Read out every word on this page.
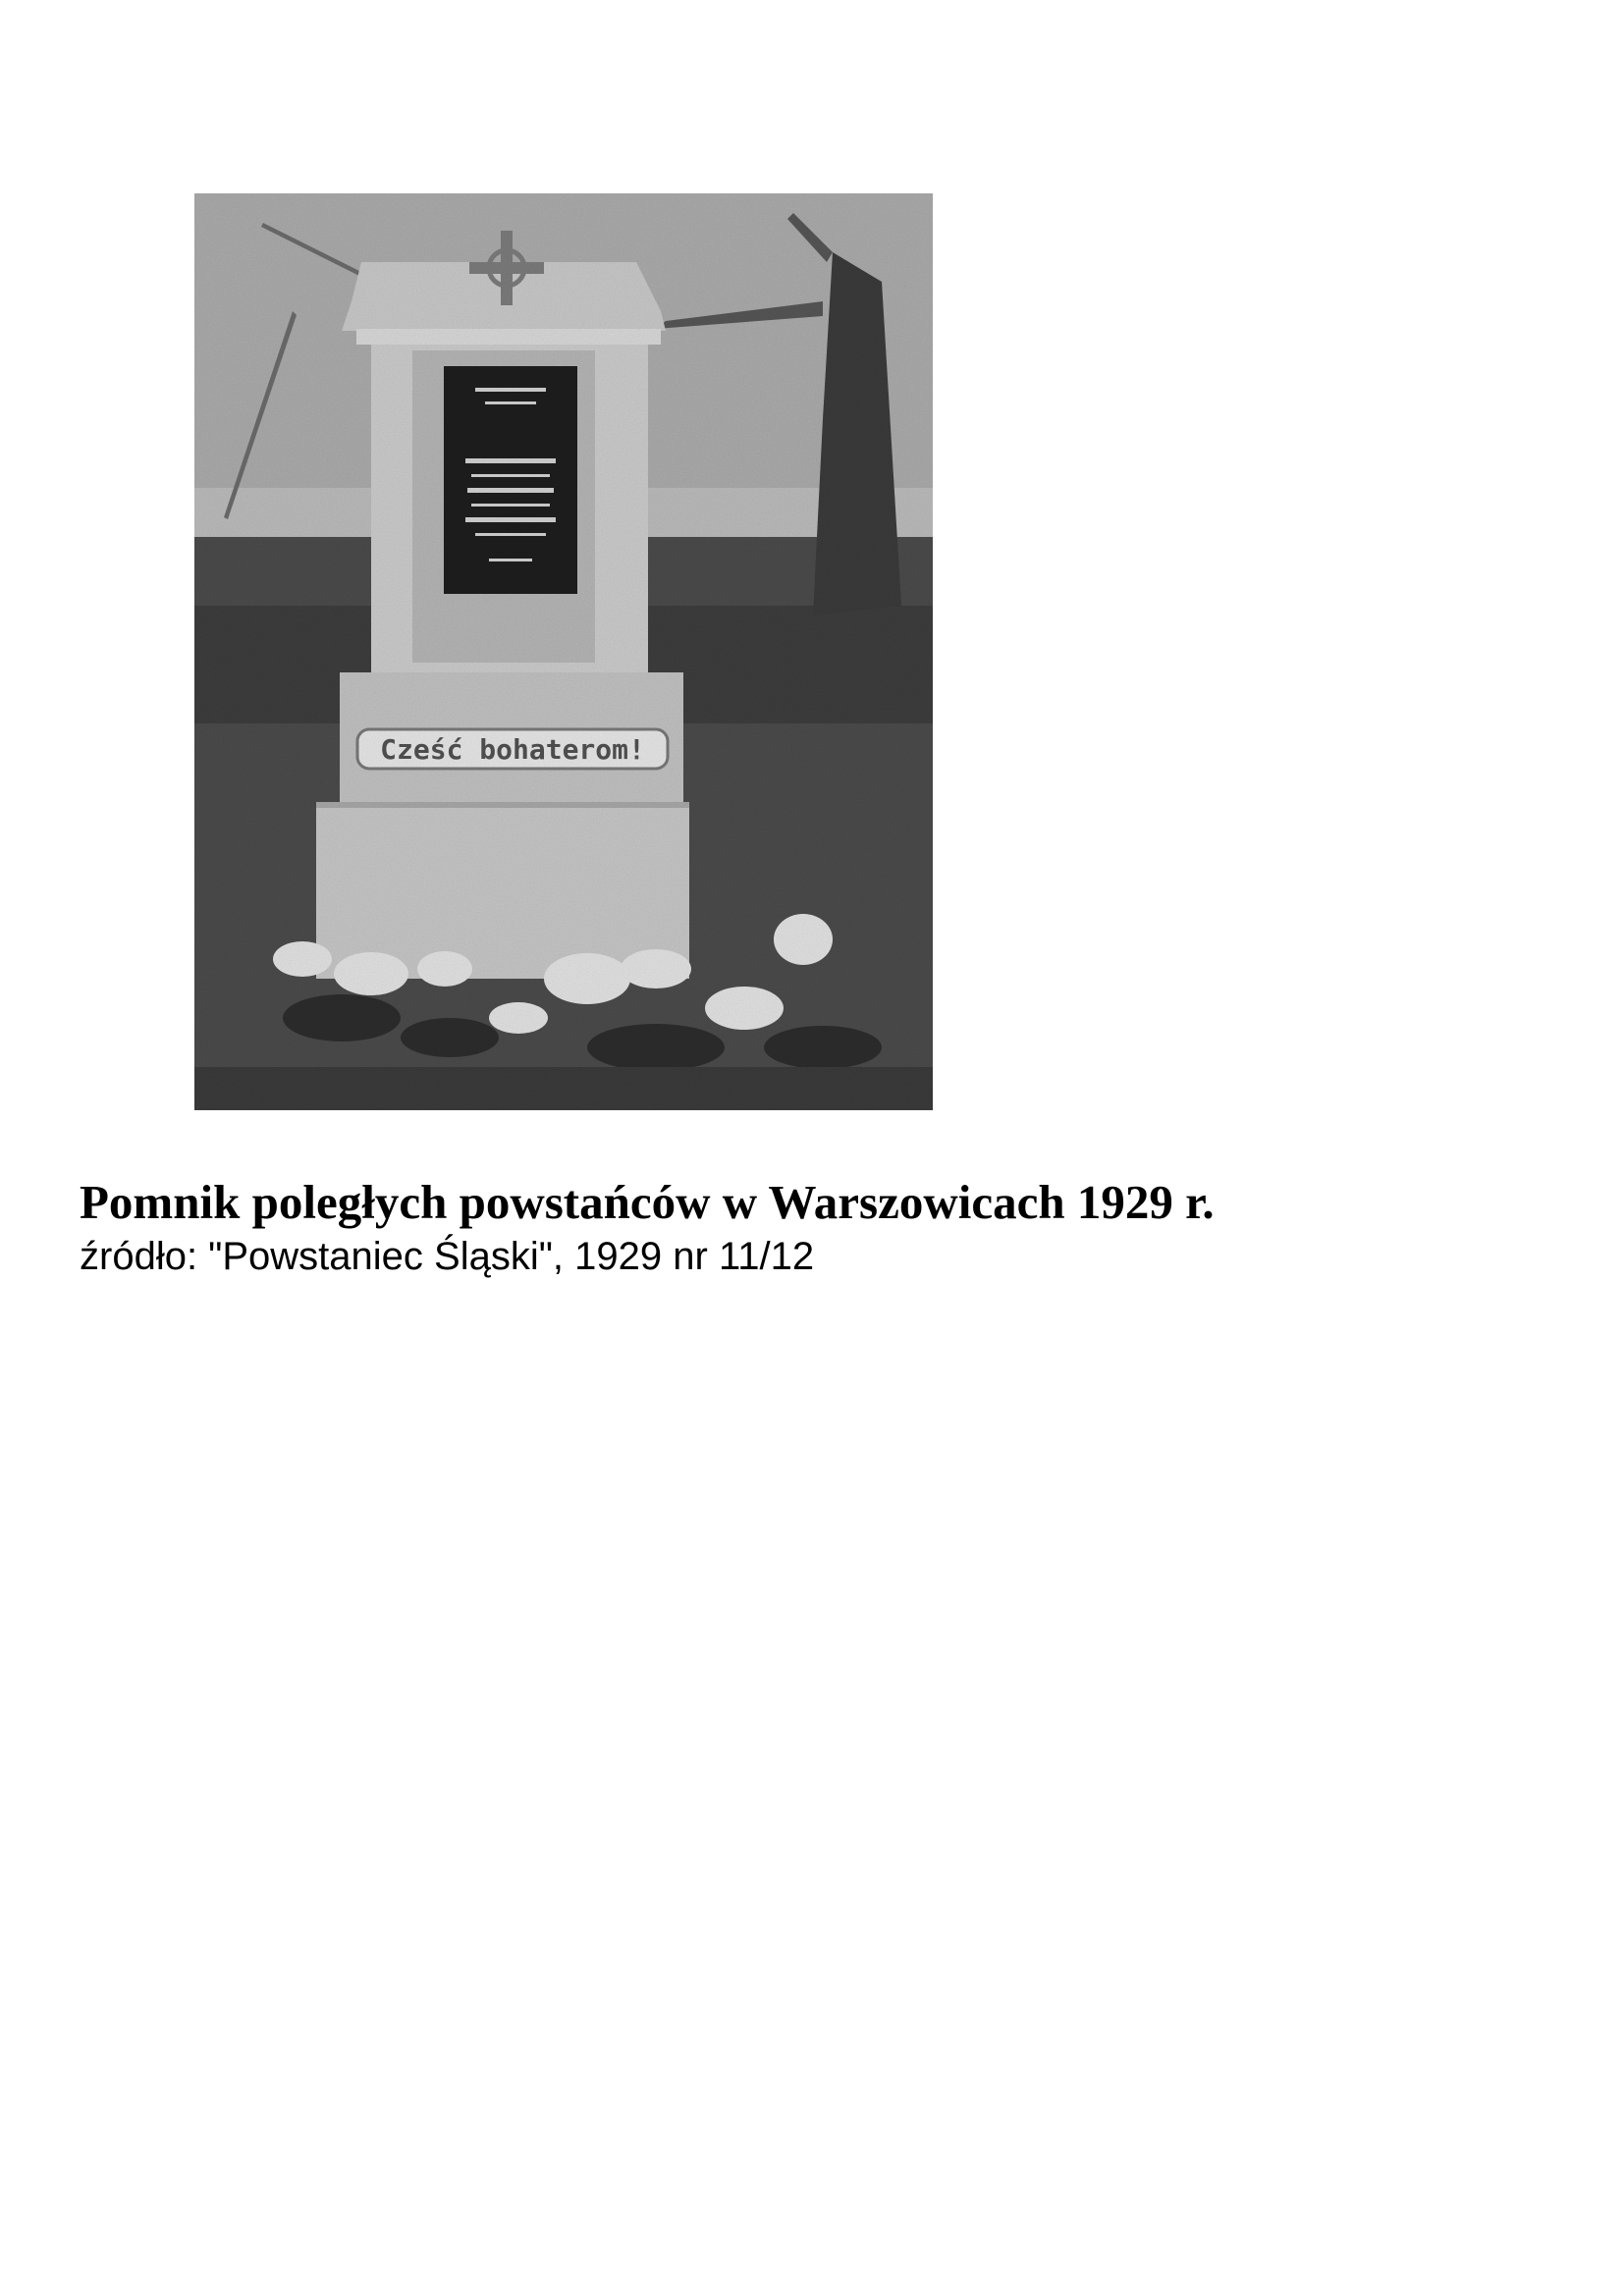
Cześć bohaterom!
Pomnik poległych powstańców w Warszowicach 1929 r.

źródło: "Powstaniec Śląski", 1929 nr 11/12
